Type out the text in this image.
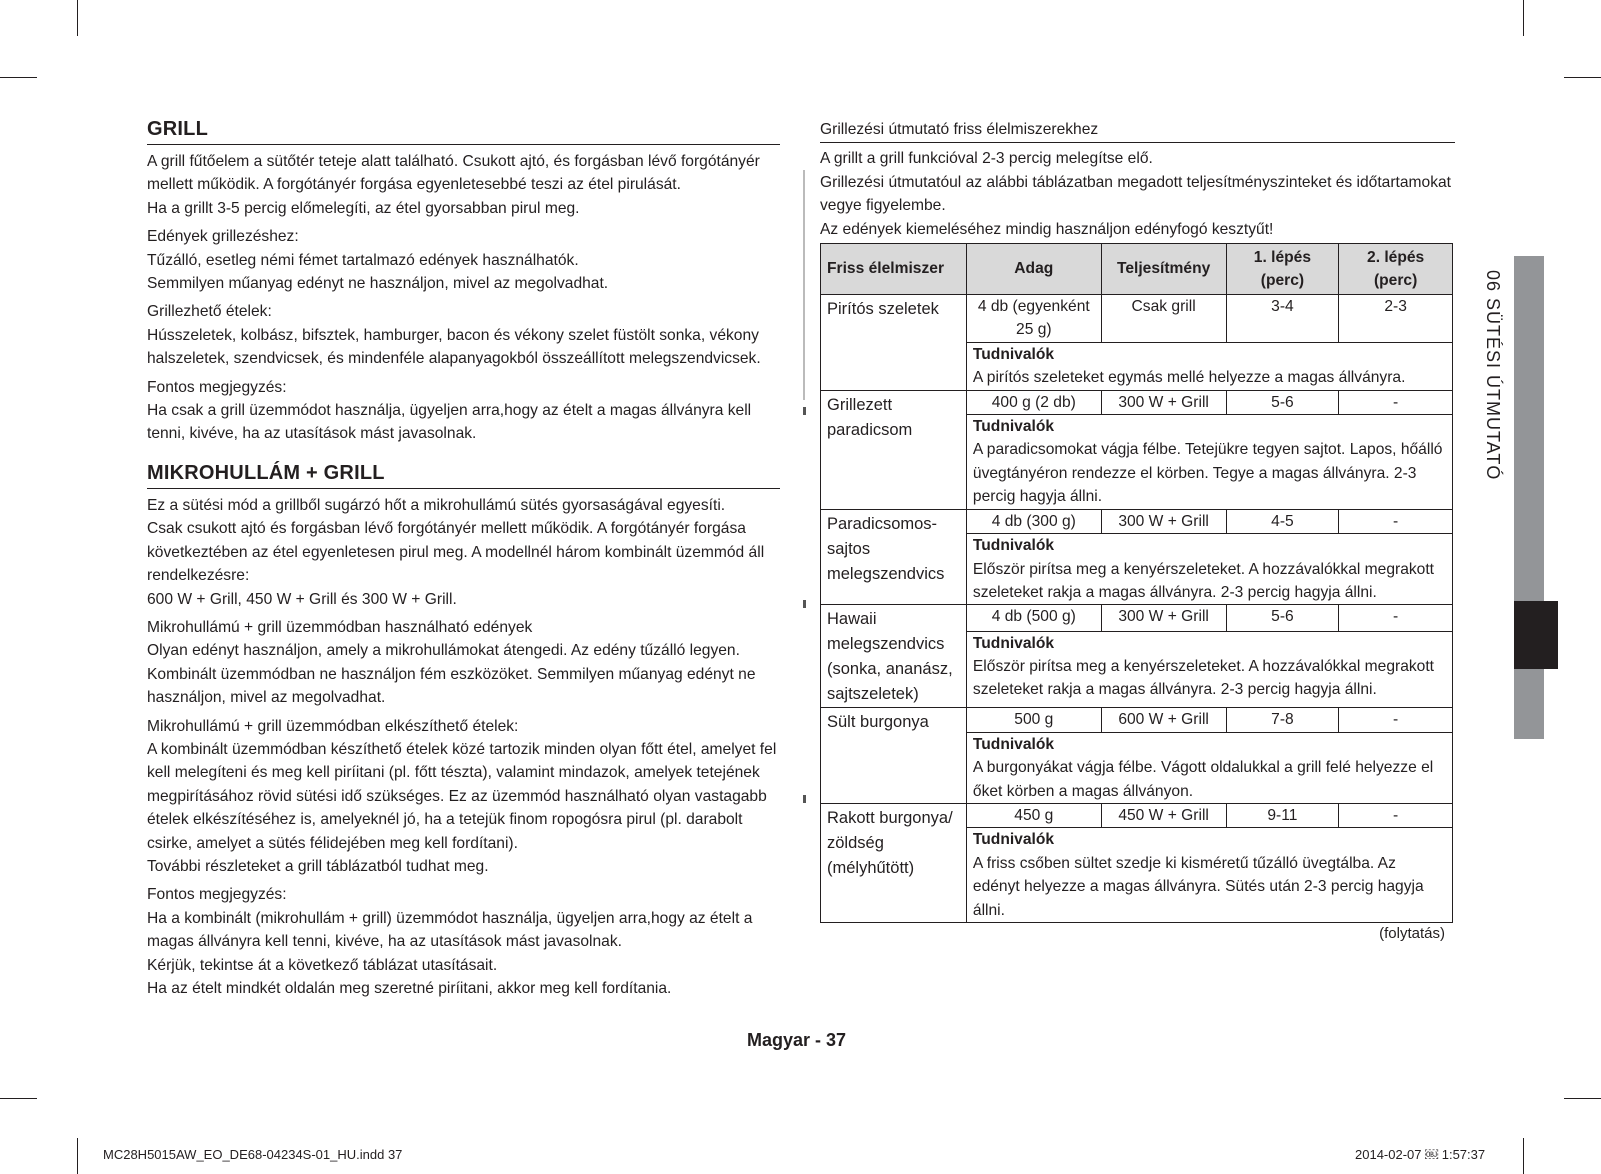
GRILL

A grill fűtőelem a sütőtér teteje alatt található. Csukott ajtó, és forgásban lévő forgótányér mellett működik. A forgótányér forgása egyenletesebbé teszi az étel pirulását.

Ha a grillt 3-5 percig előmelegíti, az étel gyorsabban pirul meg.

Edények grillezéshez:

Tűzálló, esetleg némi fémet tartalmazó edények használhatók.

Semmilyen műanyag edényt ne használjon, mivel az megolvadhat.

Grillezhető ételek:

Hússzeletek, kolbász, bifsztek, hamburger, bacon és vékony szelet füstölt sonka, vékony halszeletek, szendvicsek, és mindenféle alapanyagokból összeállított melegszendvicsek.

Fontos megjegyzés:

Ha csak a grill üzemmódot használja, ügyeljen arra,hogy az ételt a magas állványra kell tenni, kivéve, ha az utasítások mást javasolnak.

MIKROHULLÁM + GRILL

Ez a sütési mód a grillből sugárzó hőt a mikrohullámú sütés gyorsaságával egyesíti.

Csak csukott ajtó és forgásban lévő forgótányér mellett működik. A forgótányér forgása következtében az étel egyenletesen pirul meg. A modellnél három kombinált üzemmód áll rendelkezésre:

600 W + Grill, 450 W + Grill és 300 W + Grill.

Mikrohullámú + grill üzemmódban használható edények

Olyan edényt használjon, amely a mikrohullámokat átengedi. Az edény tűzálló legyen. Kombinált üzemmódban ne használjon fém eszközöket. Semmilyen műanyag edényt ne használjon, mivel az megolvadhat.

Mikrohullámú + grill üzemmódban elkészíthető ételek:

A kombinált üzemmódban készíthető ételek közé tartozik minden olyan főtt étel, amelyet fel kell melegíteni és meg kell piríitani (pl. főtt tészta), valamint mindazok, amelyek tetejének megpirításához rövid sütési idő szükséges. Ez az üzemmód használható olyan vastagabb ételek elkészítéséhez is, amelyeknél jó, ha a tetejük finom ropogósra pirul (pl. darabolt csirke, amelyet a sütés félidejében meg kell fordítani).

További részleteket a grill táblázatból tudhat meg.

Fontos megjegyzés:

Ha a kombinált (mikrohullám + grill) üzemmódot használja, ügyeljen arra,hogy az ételt a magas állványra kell tenni, kivéve, ha az utasítások mást javasolnak.

Kérjük, tekintse át a következő táblázat utasításait.

Ha az ételt mindkét oldalán meg szeretné piríitani, akkor meg kell fordítania.

Grillezési útmutató friss élelmiszerekhez

A grillt a grill funkcióval 2-3 percig melegítse elő.

Grillezési útmutatóul az alábbi táblázatban megadott teljesítményszinteket és időtartamokat vegye figyelembe.

Az edények kiemeléséhez mindig használjon edényfogó kesztyűt!

Friss élelmiszer	Adag	Teljesítmény	1. lépés (perc)	2. lépés (perc)
Pirítós szeletek	4 db (egyenként 25 g)	Csak grill	3-4	2-3

	Tudnivalók
A pirítós szeleteket egymás mellé helyezze a magas állványra.			
Grillezett paradicsom	400 g (2 db)	300 W + Grill	5-6	-

	Tudnivalók
A paradicsomokat vágja félbe. Tetejükre tegyen sajtot. Lapos, hőálló üvegtányéron rendezze el körben. Tegye a magas állványra. 2-3 percig hagyja állni.			
Paradicsomos-sajtos melegszendvics	4 db (300 g)	300 W + Grill	4-5	-

	Tudnivalók
Először pirítsa meg a kenyérszeleteket. A hozzávalókkal megrakott szeleteket rakja a magas állványra. 2-3 percig hagyja állni.			
Hawaii melegszendvics (sonka, ananász, sajtszeletek)	4 db (500 g)	300 W + Grill	5-6	-

	Tudnivalók
Először pirítsa meg a kenyérszeleteket. A hozzávalókkal megrakott szeleteket rakja a magas állványra. 2-3 percig hagyja állni.			
Sült burgonya	500 g	600 W + Grill	7-8	-

	Tudnivalók
A burgonyákat vágja félbe. Vágott oldalukkal a grill felé helyezze el őket körben a magas állványon.			
Rakott burgonya/ zöldség (mélyhűtött)	450 g	450 W + Grill	9-11	-

	Tudnivalók
A friss csőben sültet szedje ki kisméretű tűzálló üvegtálba. Az edényt helyezze a magas állványra. Sütés után 2-3 percig hagyja állni.			
(folytatás)
06 SÜTÉSI ÚTMUTATÓ
Magyar - 37
MC28H5015AW_EO_DE68-04234S-01_HU.indd 37	2014-02-07 ￼ 1:57:37
